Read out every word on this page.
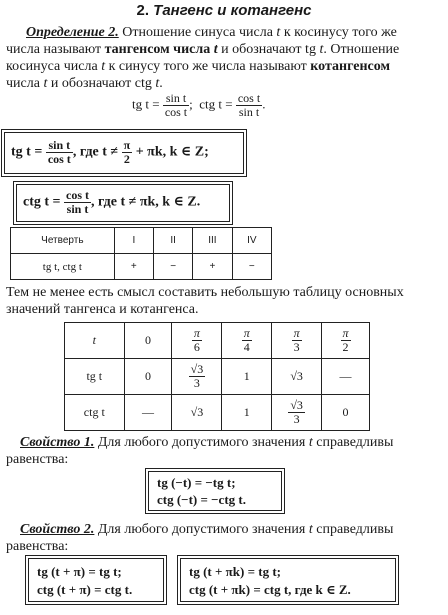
2. Тангенс и котангенс

Определение 2. Отношение синуса числа t к косинусу того же

числа называют тангенсом числа t и обозначают tg t. Отношение

косинуса числа t к синусу того же числа называют котангенсом

числа t и обозначают ctg t.

tg $t = \frac{\text{sin t}}{\text{cos t}}$ ; ctg $t = \frac{\text{cos t}}{\text{sin t}}$ .
tg $t = \frac{\text{sin t}}{\text{cos t}}$ , где $t \ne \frac{\pi}{2} + \pi k$, k ∈ Z;
ctg $t = \frac{\text{cos t}}{\text{sin t}}$ , где t ≠ πk, k ∈ Z.
Четверть	I	II	III	IV
tg t, ctg t	+	−	+	−

Тем не менее есть смысл составить небольшую таблицу основных

значений тангенса и котангенса.

t	0	$\frac{\pi}{6}$	$\frac{\pi}{4}$	$\frac{\pi}{3}$	$\frac{\pi}{2}$

tg t	0	$\frac{√3}{3}$	1	√3	—
ctg t	—	√3	1	$\frac{√3}{3}$	0

Свойство 1. Для любого допустимого значения t справедливы

равенства:

tg (−t) = −tg t;
ctg (−t) = −ctg t.

Свойство 2. Для любого допустимого значения t справедливы

равенства:

tg (t + π) = tg t;
ctg (t + π) = ctg t.
tg (t + πk) = tg t;
ctg (t + πk) = ctg t, где k ∈ Z.
